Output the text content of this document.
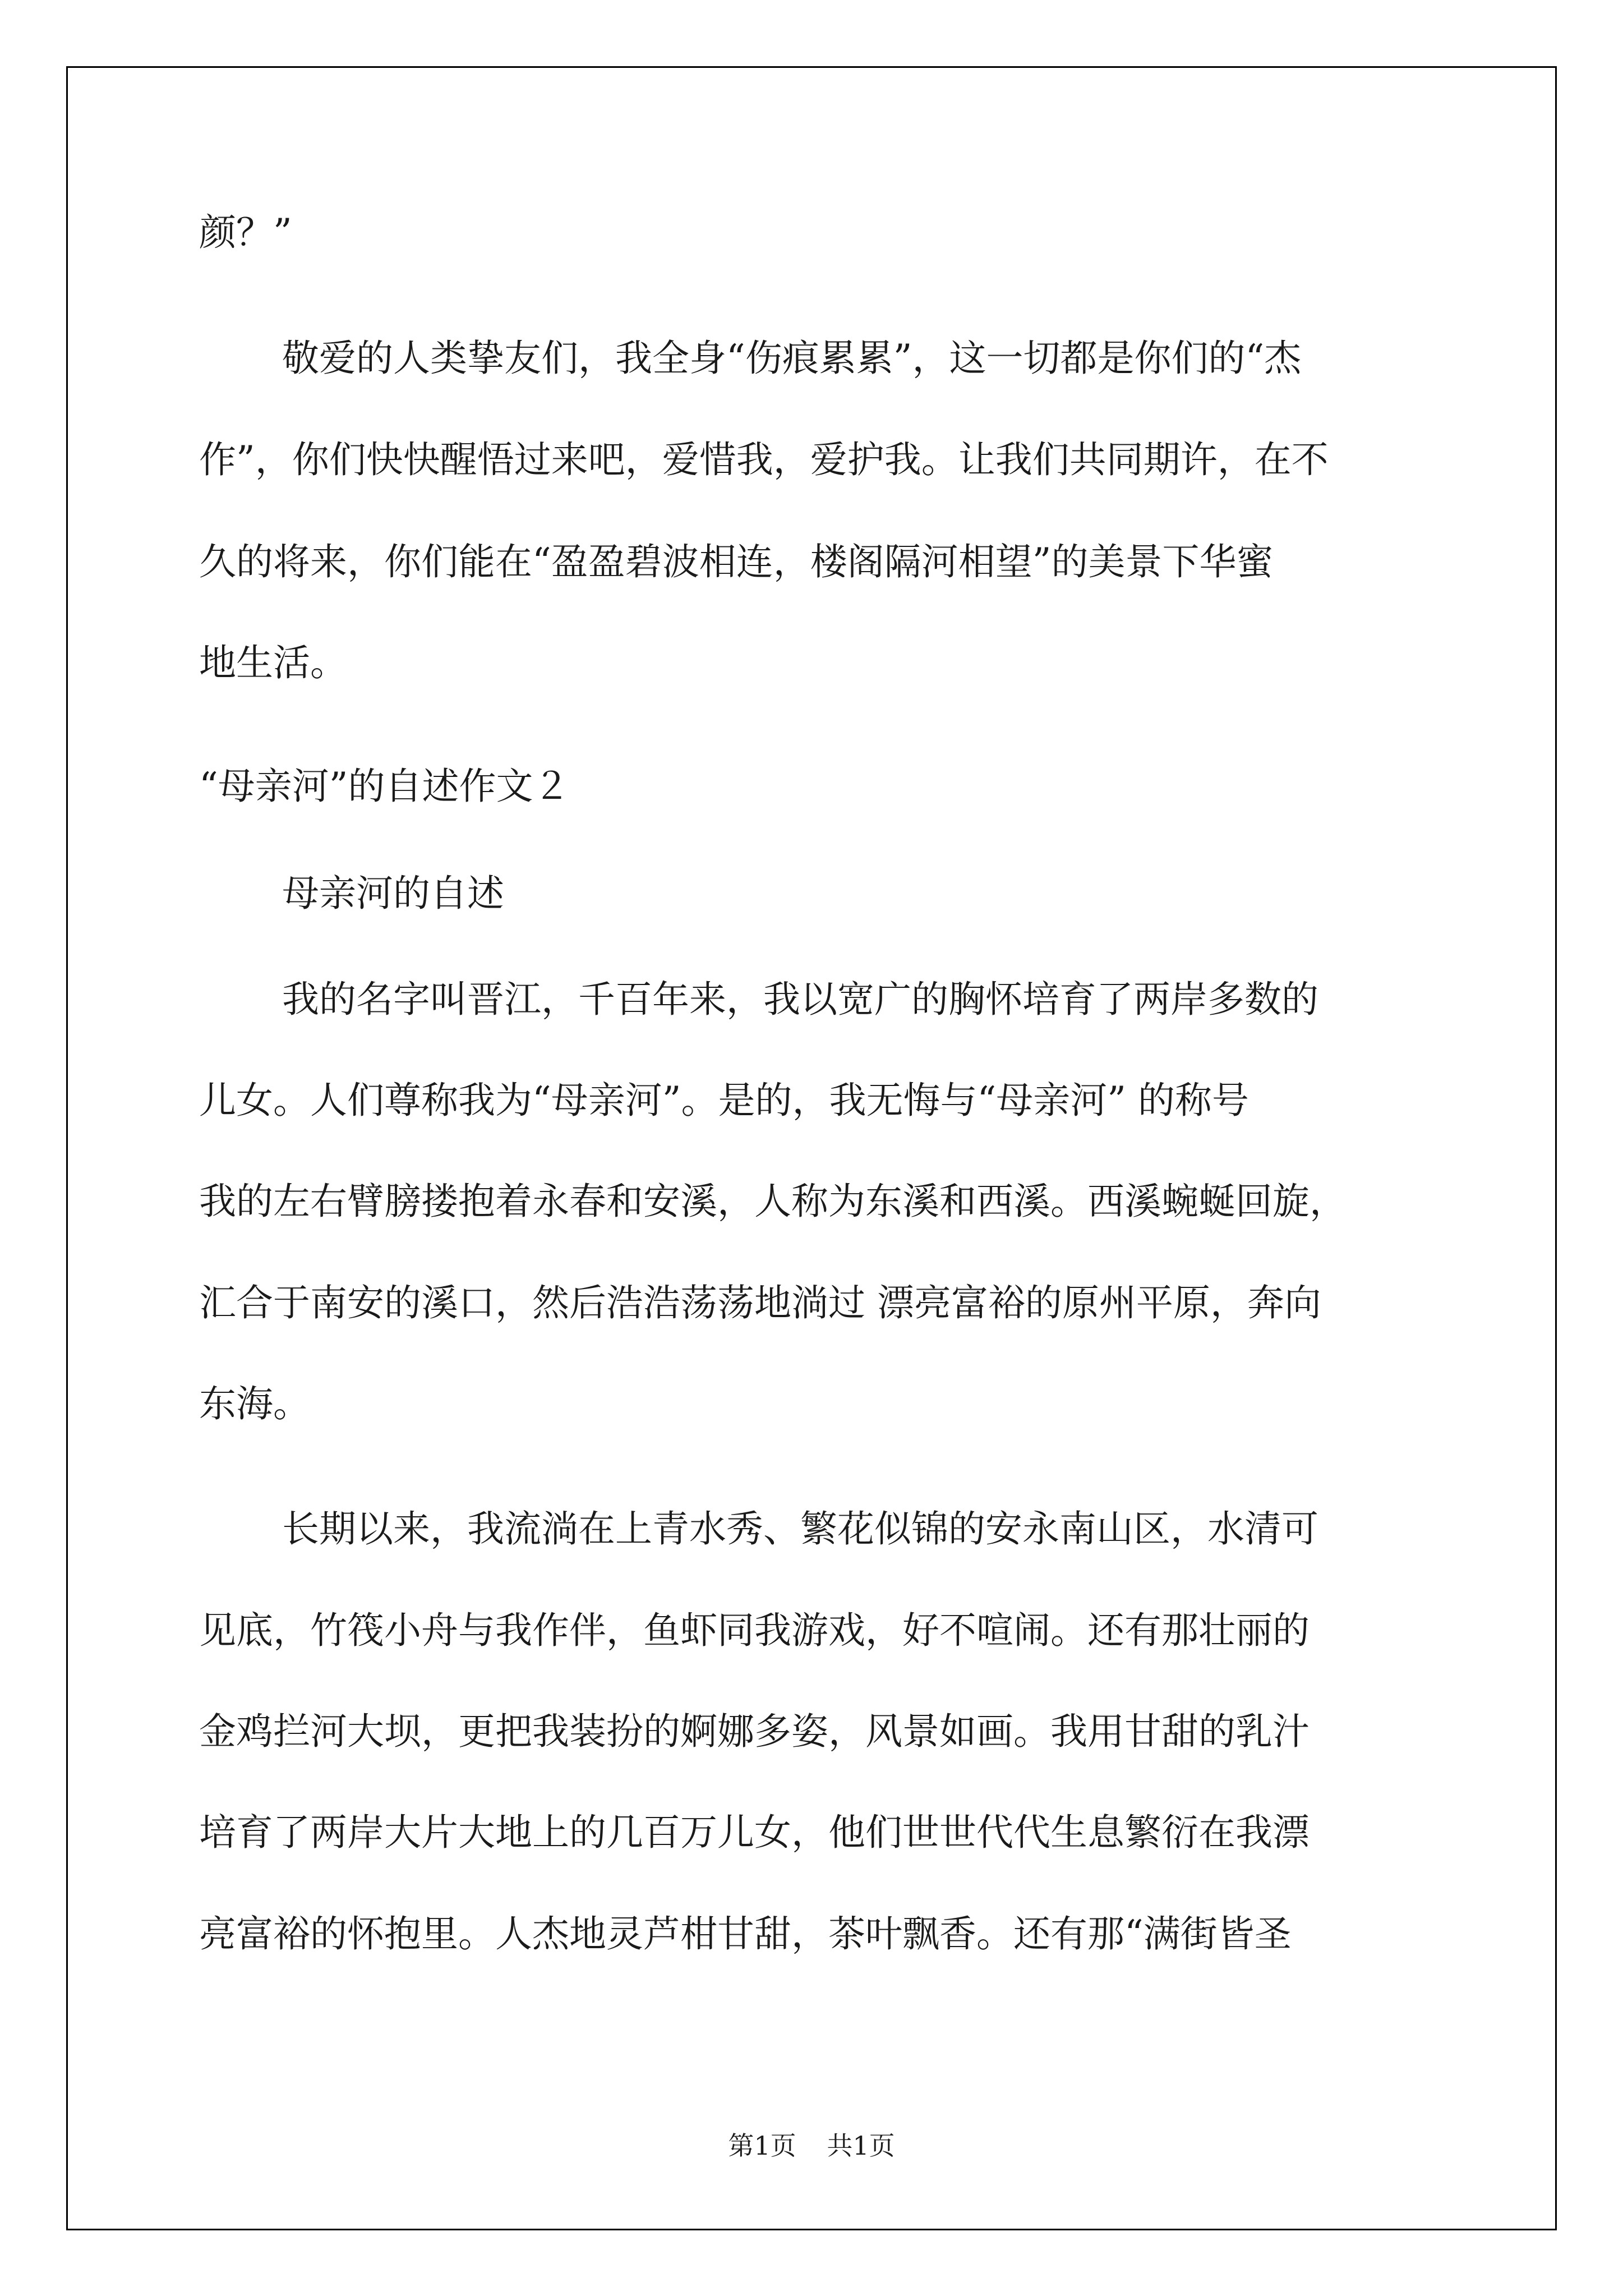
颜？”
敬爱的人类挚友们，我全身“伤痕累累”，这一切都是你们的“杰
作”，你们快快醒悟过来吧，爱惜我，爱护我。让我们共同期许，在不
久的将来，你们能在“盈盈碧波相连，楼阁隔河相望”的美景下华蜜
地生活。
“母亲河”的自述作文２
母亲河的自述
我的名字叫晋江，千百年来，我以宽广的胸怀培育了两岸多数的
儿女。人们尊称我为“母亲河”。是的，我无悔与“母亲河” 的称号
我的左右臂膀搂抱着永春和安溪，人称为东溪和西溪。西溪蜿蜒回旋，
汇合于南安的溪口，然后浩浩荡荡地淌过 漂亮富裕的原州平原，奔向
东海。
长期以来，我流淌在上青水秀、繁花似锦的安永南山区，水清可
见底，竹筏小舟与我作伴，鱼虾同我游戏，好不喧闹。还有那壮丽的
金鸡拦河大坝，更把我装扮的婀娜多姿，风景如画。我用甘甜的乳汁
培育了两岸大片大地上的几百万儿女，他们世世代代生息繁衍在我漂
亮富裕的怀抱里。人杰地灵芦柑甘甜，茶叶飘香。还有那“满街皆圣
第1页 共1页
